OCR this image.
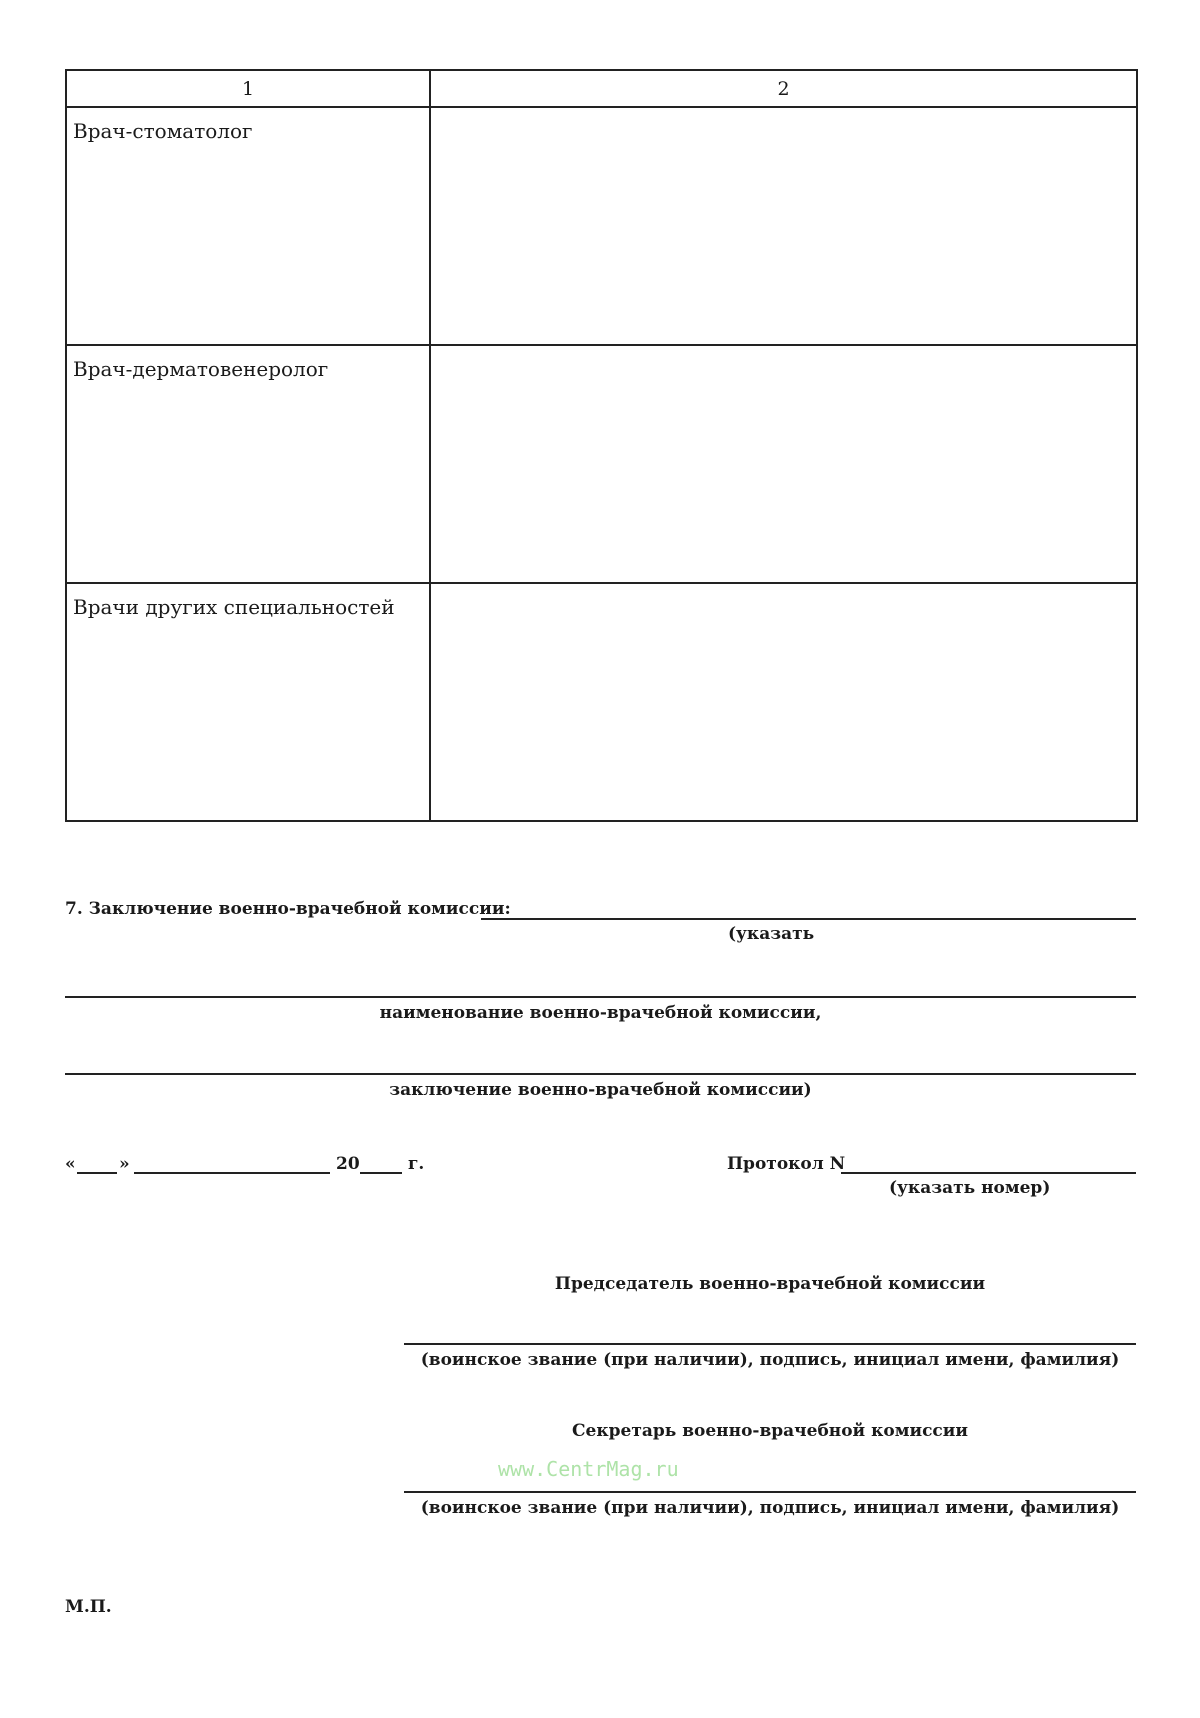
1	2

Врач-стоматолог	

Врач-дерматовенеролог	

Врачи других специальностей	

7. Заключение военно-врачебной комиссии:
(указать
наименование военно-врачебной комиссии,
заключение военно-врачебной комиссии)
«	»	20	г.	Протокол N
(указать номер)
Председатель военно-врачебной комиссии
(воинское звание (при наличии), подпись, инициал имени, фамилия)
Секретарь военно-врачебной комиссии
www.CentrMag.ru
(воинское звание (при наличии), подпись, инициал имени, фамилия)
М.П.
